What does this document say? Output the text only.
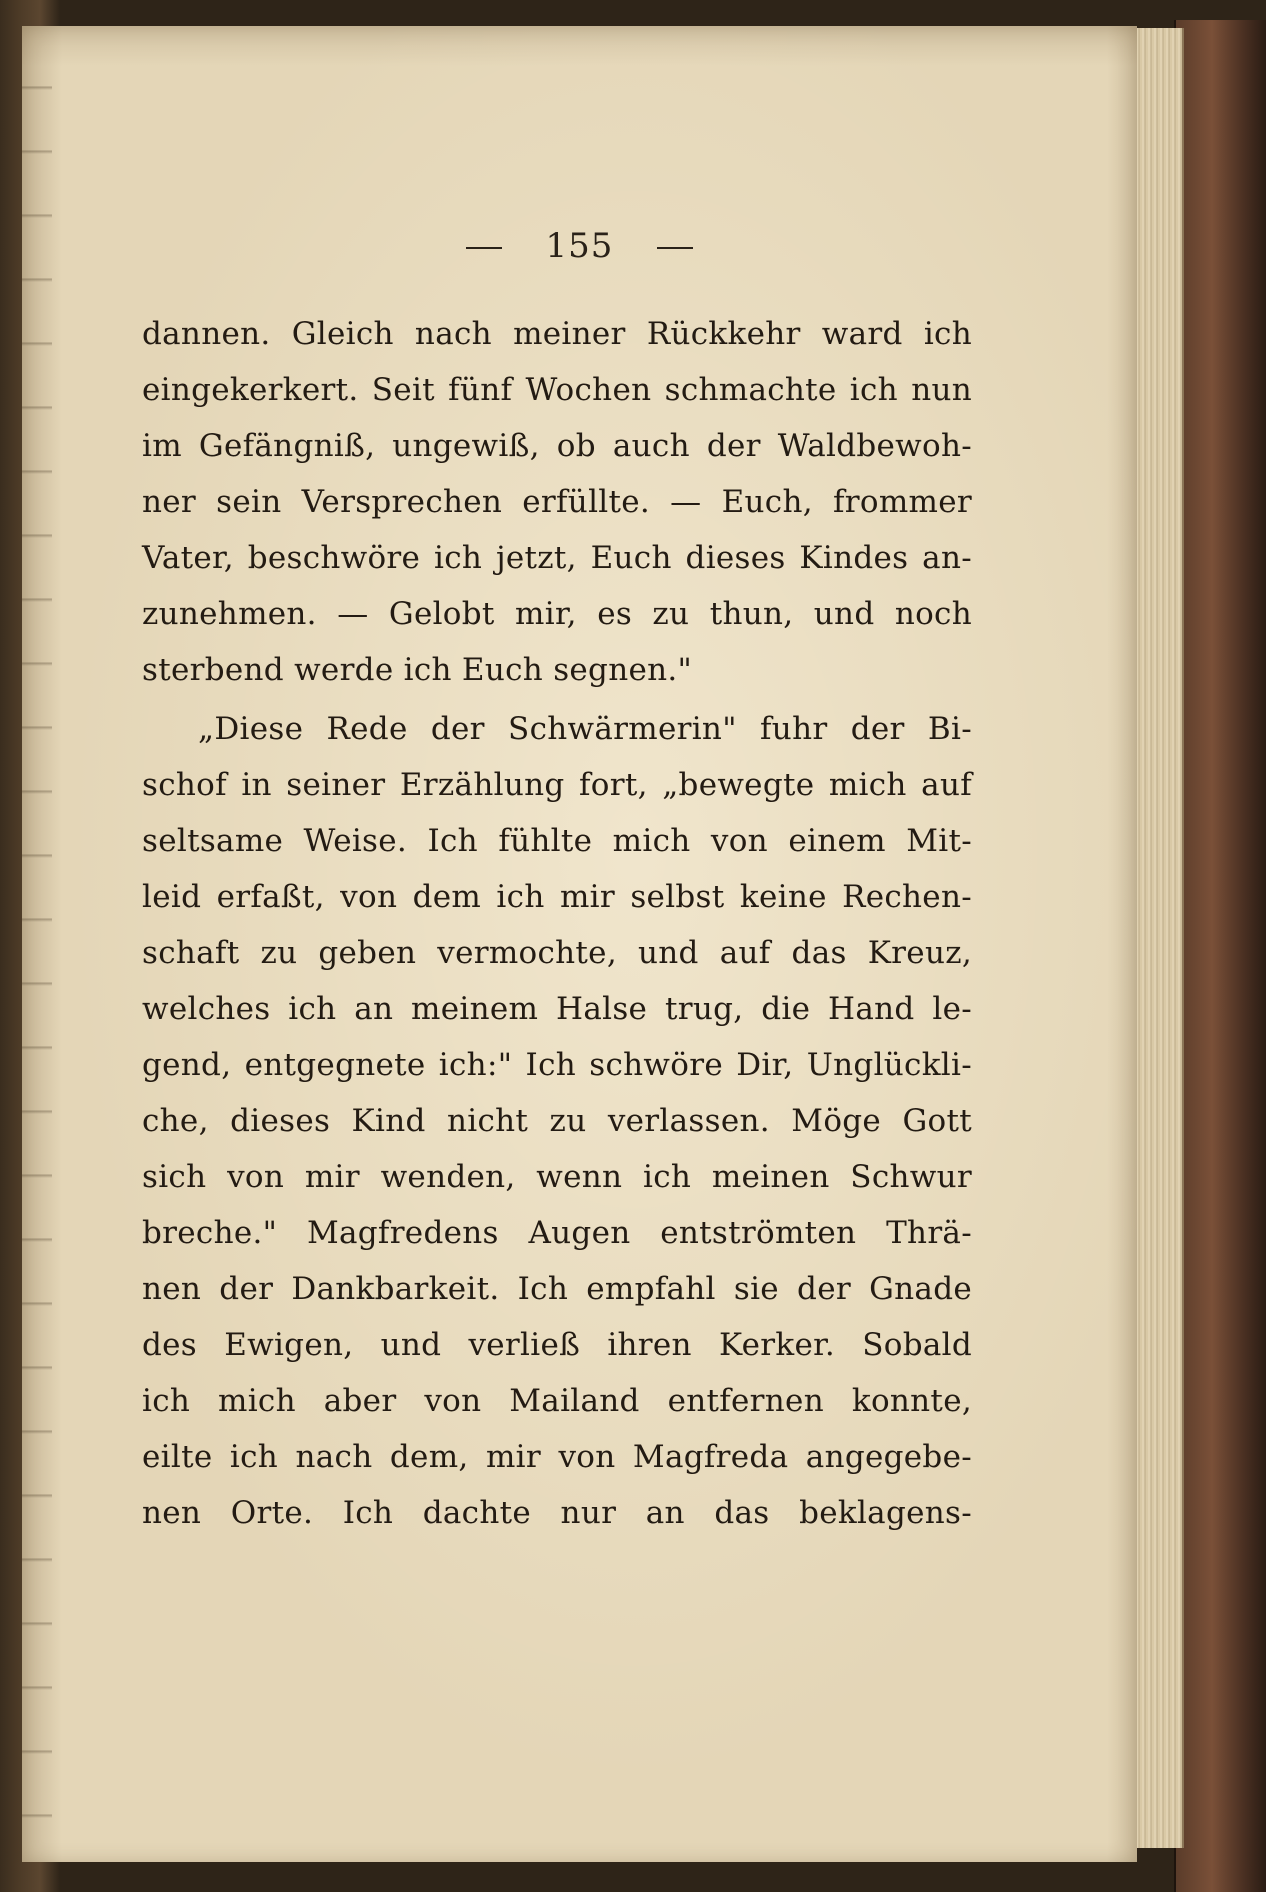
155
dannen. Gleich nach meiner Rückkehr ward ich
eingekerkert. Seit fünf Wochen schmachte ich nun
im Gefängniß, ungewiß, ob auch der Waldbewoh-
ner sein Versprechen erfüllte. — Euch, frommer
Vater, beschwöre ich jetzt, Euch dieses Kindes an-
zunehmen. — Gelobt mir, es zu thun, und noch
sterbend werde ich Euch segnen."
„Diese Rede der Schwärmerin" fuhr der Bi-
schof in seiner Erzählung fort, „bewegte mich auf
seltsame Weise. Ich fühlte mich von einem Mit-
leid erfaßt, von dem ich mir selbst keine Rechen-
schaft zu geben vermochte, und auf das Kreuz,
welches ich an meinem Halse trug, die Hand le-
gend, entgegnete ich:" Ich schwöre Dir, Unglückli-
che, dieses Kind nicht zu verlassen. Möge Gott
sich von mir wenden, wenn ich meinen Schwur
breche." Magfredens Augen entströmten Thrä-
nen der Dankbarkeit. Ich empfahl sie der Gnade
des Ewigen, und verließ ihren Kerker. Sobald
ich mich aber von Mailand entfernen konnte,
eilte ich nach dem, mir von Magfreda angegebe-
nen Orte. Ich dachte nur an das beklagens-
